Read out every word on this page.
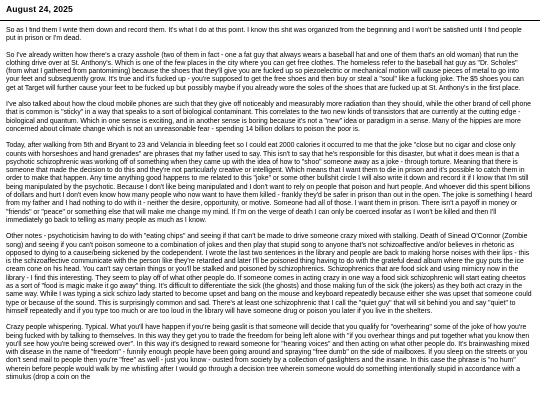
August 24, 2025

So as I find them I write them down and record them. It's what I do at this point. I know this shit was organized from the beginning and I won't be satisfied until I find people put in prison or I'm dead.

So I've already written how there's a crazy asshole (two of them in fact - one a fat guy that always wears a baseball hat and one of them that's an old woman) that run the clothing drive over at St. Anthony's. Which is one of the few places in the city where you can get free clothes. The homeless refer to the baseball hat guy as "Dr. Scholes" (from what I gathered from pantomiming) because the shoes that they'll give you are fucked up so piezoelectric or mechanical motion will cause pieces of metal to go into your feet and subsequently grow. It's true and it's fucked up - you're supposed to get the free shoes and then buy or steal a "soul" like a fucking joke. The $5 shoes you can get at Target will further cause your feet to be fucked up but possibly maybe if you already wore the soles of the shoes that are fucked up at St. Anthony's in the first place.

I've also talked about how the cloud mobile phones are such that they give off noticeably and measurably more radiation than they should, while the other brand of cell phone that is common is "sticky" in a way that speaks to a sort of biological contaminant. This correlates to the two new kinds of transistors that are currently at the cutting edge - biological and quantum. Which in one sense is exciting, and in another sense is boring because it's not a "new" idea or paradigm in a sense. Many of the hippies are more concerned about climate change which is not an unreasonable fear - spending 14 billion dollars to poison the poor is.

Today, after walking from 5th and Bryant to 23 and Velancia in bleeding feet so I could eat 2000 calories it occurred to me that the joke "close but no cigar and close only counts with horseshoes and hand grenades" are phrases that my father used to say. This isn't to say that he's responsible for this disaster, but what it does mean is that a psychotic schizophrenic was working off of something when they came up with the idea of how to "shoo" someone away as a joke - through torture. Meaning that there is someone that made the decision to do this and they're not particularly creative or intelligent. Which means that I want them to die in prison and it's possible to catch them in order to make that happen. Any time anything good happens to me related to this "joke" or some other bullshit circle I will also write it down and record it if I know that I'm still being manipulated by the psychotic. Because I don't like being manipulated and I don't want to rely on people that poison and hurt people. And whoever did this spent billions of dollars and hurt I don't even know how many people who now want to have them killed - frankly they'd be safer in prison than out in the open. The joke is something I heard from my father and I had nothing to do with it - neither the desire, opportunity, or motive. Someone had all of those. I want them in prison. There isn't a payoff in money or "friends" or "peace" or something else that will make me change my mind. If I'm on the verge of death I can only be coerced insofar as I won't be killed and then I'll immediately go back to telling as many people as much as I know.

Other notes - psychoticisim having to do with "eating chips" and seeing if that can't be made to drive someone crazy mixed with stalking. Death of Sinead O'Connor (Zombie song) and seeing if you can't poison someone to a combination of jokes and then play that stupid song to anyone that's not schizoaffective and/or believes in rhetoric as opposed to dying to a cause/being sickened by the codependent. I wrote the last two sentences in the library and people are back to making horse noises with their lips - this is the schizoaffective communicate with the person like they're retarded and later I'll be poisoned thing having to do with the grateful dead album where the guy puts the ice cream cone on his head. You can't say certain things or you'll be stalked and poisoned by schizophrenics. Schizophrenics that are food sick and using mimicry now in the library - I find this interesting. They seem to play off of what other people do. If someone comes in acting crazy in one way a food sick schizophrenic will start eating cheetos as a sort of "food is magic make it go away" thing. It's difficult to differentiate the sick (the ghosts) and those making fun of the sick (the jokers) as they both act crazy in the same way. While I was typing a sick schizo lady started to become upset and bang on the mouse and keyboard repeatedly because either she was upset that someone could type or because of the sound. This is surprisingly common and sad. There's at least one schizophrenic that I call the "quiet guy" that will sit behind you and say "quiet" to himself repeatedly and if you type too much or are too loud in the library will have someone drug or poison you later if you live in the shelters.

Crazy people whispering. Typical. What you'll have happen if you're being gaslit is that someone will decide that you qualify for "overhearing" some of the joke of how you're being fucked with by talking to themselves. In this way they get you to trade the freedom for being left alone with "if you overhear things and put together what you know then you'll see how you're being screwed over". In this way it's designed to reward someone for "hearing voices" and then acting on what other people do. It's brainwashing mixed with disease in the name of "freedom" - funnily enough people have been going around and spraying "free dumb" on the side of mailboxes. If you sleep on the streets or you don't send mail to people then you're "free" as well - just you know - ousted from society by a collection of gaslighters and the insane. In this case the phrase is "no hum" wherein before people would walk by me whistling after I would go through a decision tree wherein someone would do something intentionally stupid in accordance with a stimulus (drop a coin on the
